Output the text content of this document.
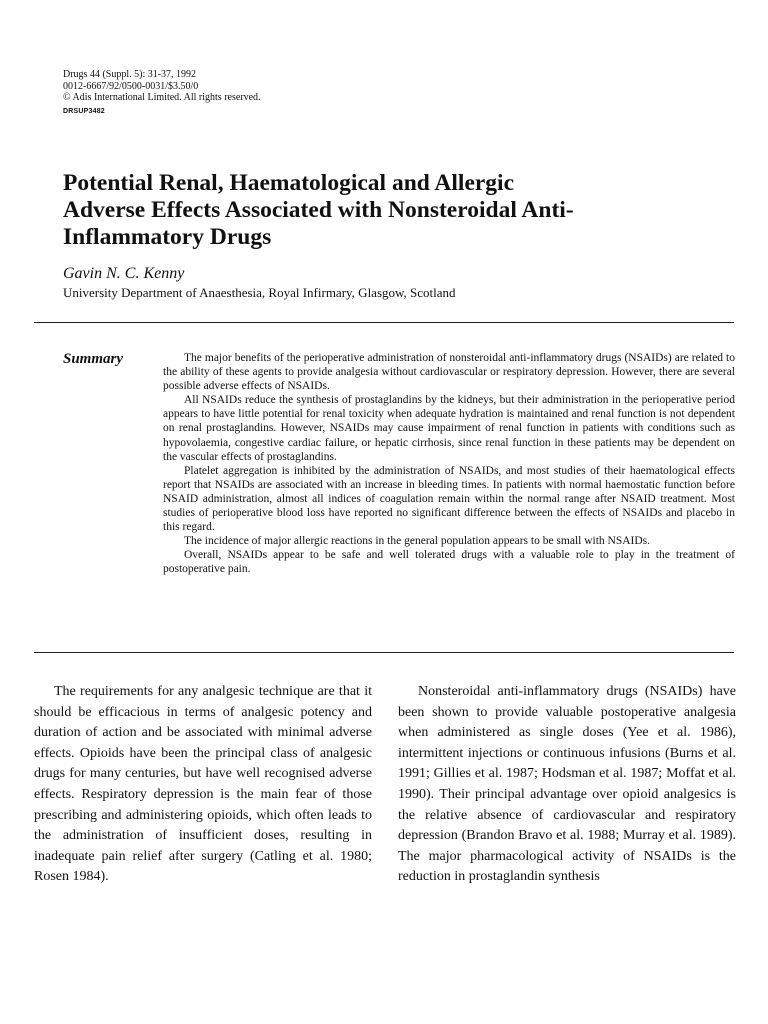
Drugs 44 (Suppl. 5): 31-37, 1992
0012-6667/92/0500-0031/$3.50/0
© Adis International Limited. All rights reserved.
DRSUP3482
Potential Renal, Haematological and Allergic
Adverse Effects Associated with Nonsteroidal Anti-
Inflammatory Drugs
Gavin N. C. Kenny
University Department of Anaesthesia, Royal Infirmary, Glasgow, Scotland
Summary	The major benefits of the perioperative administration of nonsteroidal anti-inflammatory drugs (NSAIDs) are related to the ability of these agents to provide analgesia without cardiovascular or respiratory depression. However, there are several possible adverse effects of NSAIDs.

All NSAIDs reduce the synthesis of prostaglandins by the kidneys, but their administration in the perioperative period appears to have little potential for renal toxicity when adequate hydration is maintained and renal function is not dependent on renal prostaglandins. However, NSAIDs may cause impairment of renal function in patients with conditions such as hypovolaemia, congestive cardiac failure, or hepatic cirrhosis, since renal function in these patients may be dependent on the vascular effects of prostaglandins.

Platelet aggregation is inhibited by the administration of NSAIDs, and most studies of their haematological effects report that NSAIDs are associated with an increase in bleeding times. In patients with normal haemostatic function before NSAID administration, almost all indices of coagulation remain within the normal range after NSAID treatment. Most studies of perioperative blood loss have reported no significant difference between the effects of NSAIDs and placebo in this regard.

The incidence of major allergic reactions in the general population appears to be small with NSAIDs.

Overall, NSAIDs appear to be safe and well tolerated drugs with a valuable role to play in the treatment of postoperative pain.

The requirements for any analgesic technique are that it should be efficacious in terms of analgesic potency and duration of action and be associated with minimal adverse effects. Opioids have been the principal class of analgesic drugs for many centuries, but have well recognised adverse effects. Respiratory depression is the main fear of those prescribing and administering opioids, which often leads to the administration of insufficient doses, resulting in inadequate pain relief after surgery (Catling et al. 1980; Rosen 1984).

Nonsteroidal anti-inflammatory drugs (NSAIDs) have been shown to provide valuable postoperative analgesia when administered as single doses (Yee et al. 1986), intermittent injections or continuous infusions (Burns et al. 1991; Gillies et al. 1987; Hodsman et al. 1987; Moffat et al. 1990). Their principal advantage over opioid analgesics is the relative absence of cardiovascular and respiratory depression (Brandon Bravo et al. 1988; Murray et al. 1989). The major pharmacological activity of NSAIDs is the reduction in prostaglandin synthesis
